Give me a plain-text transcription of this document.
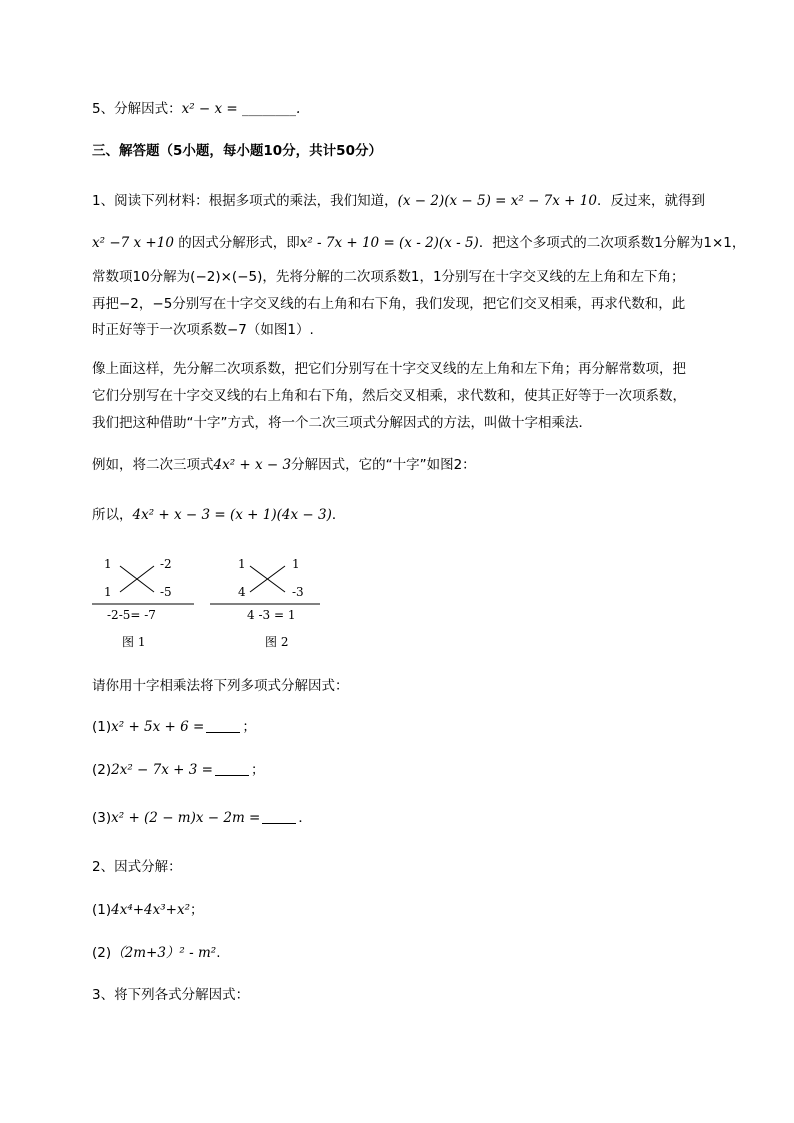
5、分解因式：x² − x = ________.
三、解答题（5小题，每小题10分，共计50分）
1、阅读下列材料：根据多项式的乘法，我们知道，(x − 2)(x − 5) = x² − 7x + 10．反过来，就得到
x² −7 x +10 的因式分解形式，即x² - 7x + 10 = (x - 2)(x - 5)．把这个多项式的二次项系数1分解为1×1，
常数项10分解为(−2)×(−5)，先将分解的二次项系数1，1分别写在十字交叉线的左上角和左下角；
再把−2，−5分别写在十字交叉线的右上角和右下角，我们发现，把它们交叉相乘，再求代数和，此
时正好等于一次项系数−7（如图1）.
像上面这样，先分解二次项系数，把它们分别写在十字交叉线的左上角和左下角；再分解常数项，把
它们分别写在十字交叉线的右上角和右下角，然后交叉相乘，求代数和，使其正好等于一次项系数，
我们把这种借助“十字”方式，将一个二次三项式分解因式的方法，叫做十字相乘法．
例如，将二次三项式4x² + x − 3分解因式，它的“十字”如图2：
所以，4x² + x − 3 = (x + 1)(4x − 3)．
1	-2
1	-5
-2-5= -7
图 1
1	1
4	-3
4 -3 = 1
图 2
请你用十字相乘法将下列多项式分解因式：
(1)x² + 5x + 6 =	；
(2)2x² − 7x + 3 =	；
(3)x² + (2 − m)x − 2m =	．
2、因式分解：
(1)4x⁴+4x³+x²；
(2)（2m+3）² - m².
3、将下列各式分解因式：
